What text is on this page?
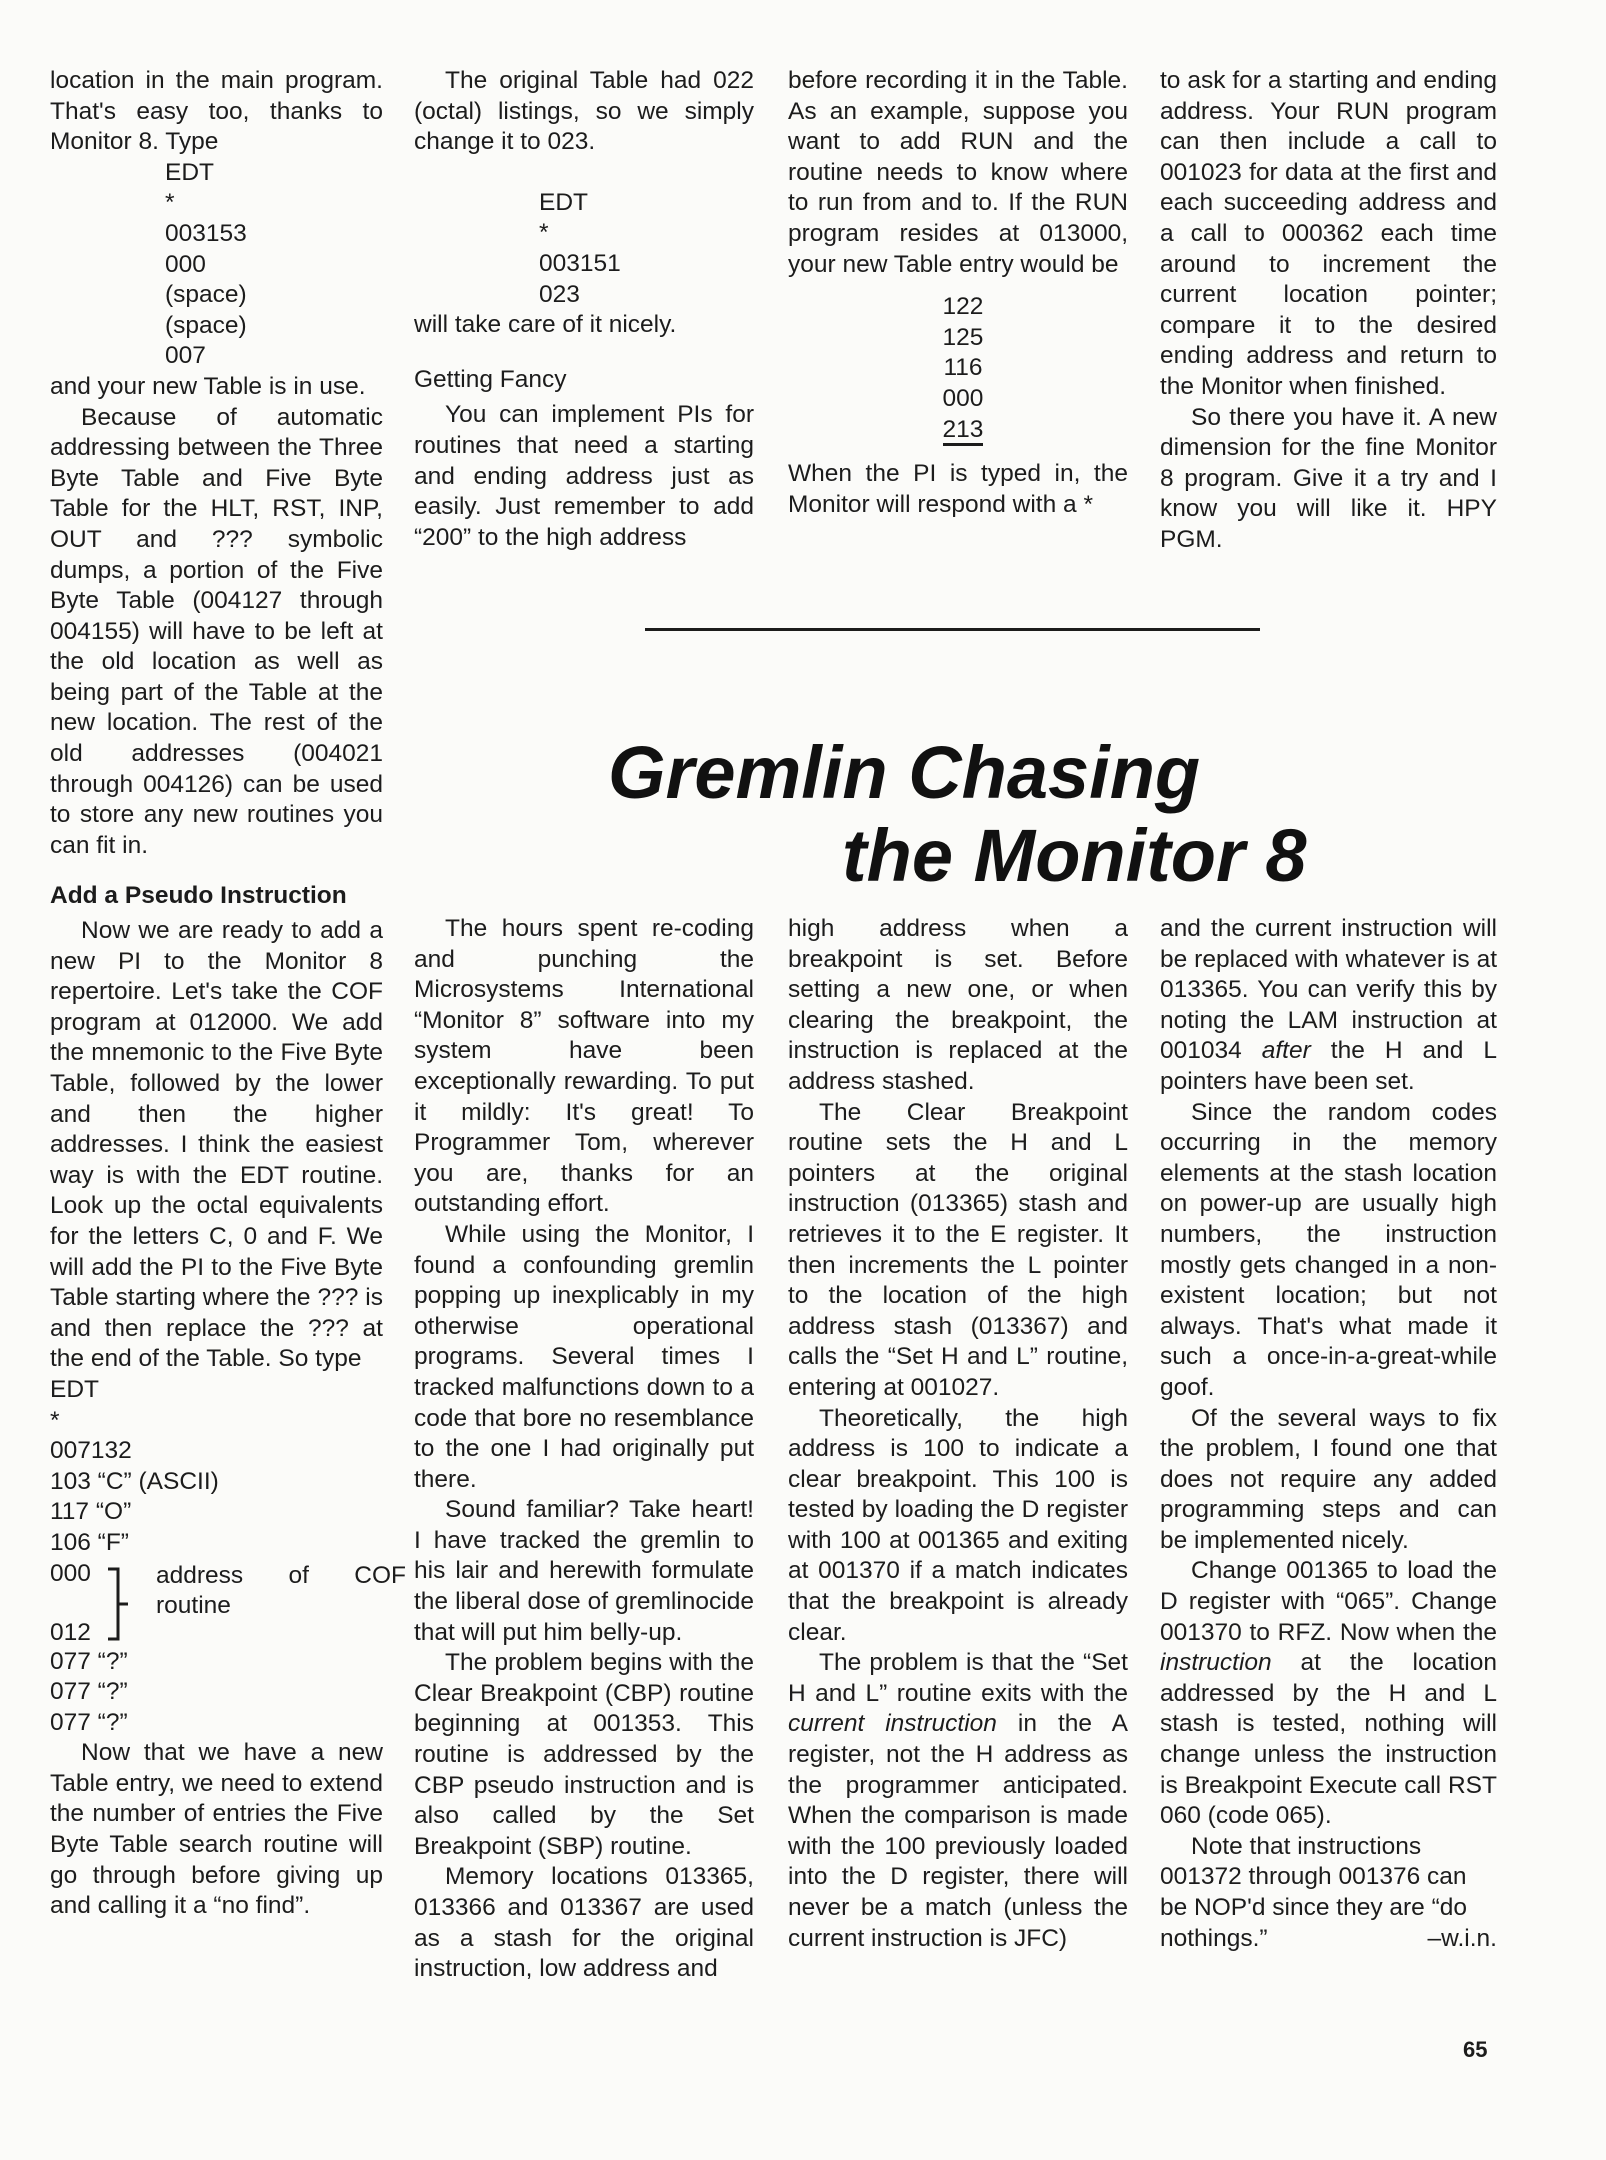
location in the main program. That's easy too, thanks to Monitor 8. Type

EDT
*
003153
000
(space)
(space)
007

and your new Table is in use.

Because of automatic addressing between the Three Byte Table and Five Byte Table for the HLT, RST, INP, OUT and ??? symbolic dumps, a portion of the Five Byte Table (004127 through 004155) will have to be left at the old location as well as being part of the Table at the new location. The rest of the old addresses (004021 through 004126) can be used to store any new routines you can fit in.

Add a Pseudo Instruction

Now we are ready to add a new PI to the Monitor 8 repertoire. Let's take the COF program at 012000. We add the mnemonic to the Five Byte Table, followed by the lower and then the higher addresses. I think the easiest way is with the EDT routine. Look up the octal equivalents for the letters C, 0 and F. We will add the PI to the Five Byte Table starting where the ??? is and then replace the ??? at the end of the Table. So type

EDT
*
007132
103 “C” (ASCII)
117 “O”
106 “F”
000
012
address of COF routine
077 “?”
077 “?”
077 “?”

Now that we have a new Table entry, we need to extend the number of entries the Five Byte Table search routine will go through before giving up and calling it a “no find”.

The original Table had 022 (octal) listings, so we simply change it to 023.

EDT
*
003151
023

will take care of it nicely.

Getting Fancy

You can implement PIs for routines that need a starting and ending address just as easily. Just remember to add “200” to the high address

before recording it in the Table. As an example, suppose you want to add RUN and the routine needs to know where to run from and to. If the RUN program resides at 013000, your new Table entry would be

122
125
116
000
213

When the PI is typed in, the Monitor will respond with a *

to ask for a starting and ending address. Your RUN program can then include a call to 001023 for data at the first and each succeeding address and a call to 000362 each time around to increment the current location pointer; compare it to the desired ending address and return to the Monitor when finished.

So there you have it. A new dimension for the fine Monitor 8 program. Give it a try and I know you will like it. HPY PGM.

Gremlin Chasing
the Monitor 8

The hours spent re-coding and punching the Microsystems International “Monitor 8” software into my system have been exceptionally rewarding. To put it mildly: It's great! To Programmer Tom, wherever you are, thanks for an outstanding effort.

While using the Monitor, I found a confounding gremlin popping up inexplicably in my otherwise operational programs. Several times I tracked malfunctions down to a code that bore no resemblance to the one I had originally put there.

Sound familiar? Take heart! I have tracked the gremlin to his lair and herewith formulate the liberal dose of gremlinocide that will put him belly-up.

The problem begins with the Clear Breakpoint (CBP) routine beginning at 001353. This routine is addressed by the CBP pseudo instruction and is also called by the Set Breakpoint (SBP) routine.

Memory locations 013365, 013366 and 013367 are used as a stash for the original instruction, low address and

high address when a breakpoint is set. Before setting a new one, or when clearing the breakpoint, the instruction is replaced at the address stashed.

The Clear Breakpoint routine sets the H and L pointers at the original instruction (013365) stash and retrieves it to the E register. It then increments the L pointer to the location of the high address stash (013367) and calls the “Set H and L” routine, entering at 001027.

Theoretically, the high address is 100 to indicate a clear breakpoint. This 100 is tested by loading the D register with 100 at 001365 and exiting at 001370 if a match indicates that the breakpoint is already clear.

The problem is that the “Set H and L” routine exits with the current instruction in the A register, not the H address as the programmer anticipated. When the comparison is made with the 100 previously loaded into the D register, there will never be a match (unless the current instruction is JFC)

and the current instruction will be replaced with whatever is at 013365. You can verify this by noting the LAM instruction at 001034 after the H and L pointers have been set.

Since the random codes occurring in the memory elements at the stash location on power-up are usually high numbers, the instruction mostly gets changed in a non-existent location; but not always. That's what made it such a once-in-a-great-while goof.

Of the several ways to fix the problem, I found one that does not require any added programming steps and can be implemented nicely.

Change 001365 to load the D register with “065”. Change 001370 to RFZ. Now when the instruction at the location addressed by the H and L stash is tested, nothing will change unless the instruction is Breakpoint Execute call RST 060 (code 065).

Note that instructions 001372 through 001376 can be NOP'd since they are “do nothings.”	–w.i.n.

65
